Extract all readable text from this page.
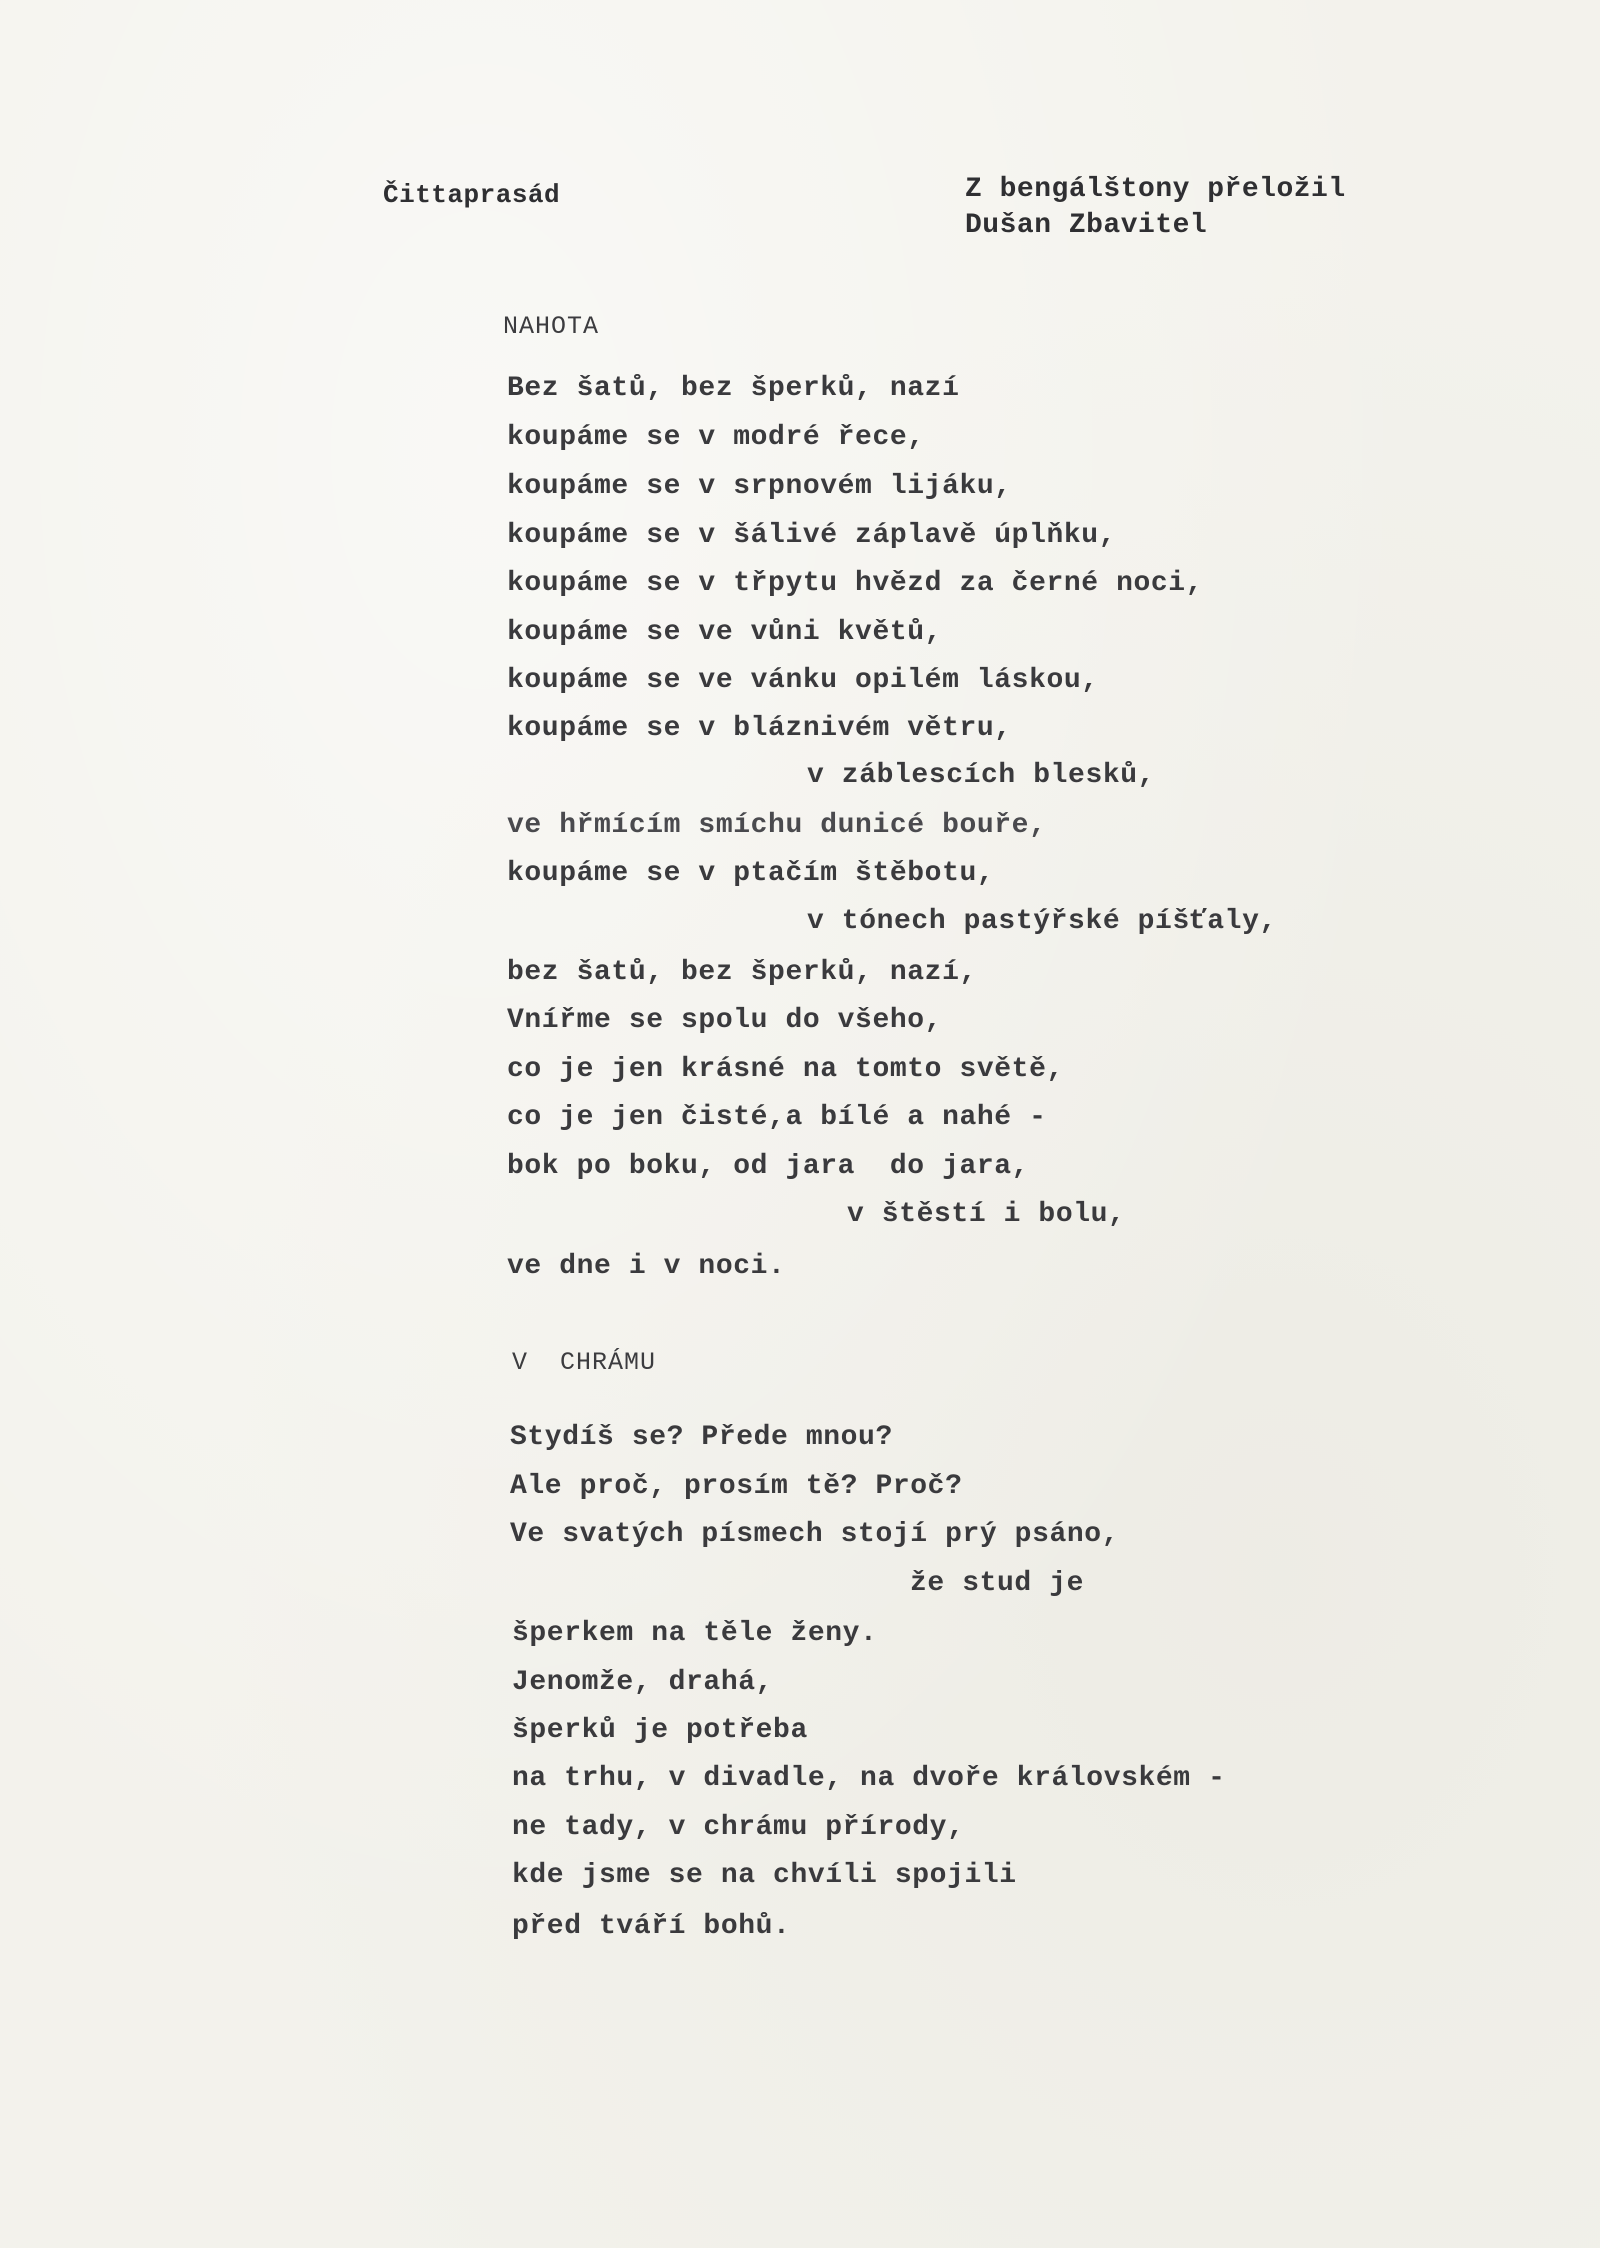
Čittaprasád	Z bengálštony přeložil
Dušan Zbavitel
NAHOTA
Bez šatů, bez šperků, nazí
koupáme se v modré řece,
koupáme se v srpnovém lijáku,
koupáme se v šálivé záplavě úplňku,
koupáme se v třpytu hvězd za černé noci,
koupáme se ve vůni květů,
koupáme se ve vánku opilém láskou,
koupáme se v bláznivém větru,
v záblescích blesků,
ve hřmícím smíchu dunicé bouře,
koupáme se v ptačím štěbotu,
v tónech pastýřské píšťaly,
bez šatů, bez šperků, nazí,
Vnířme se spolu do všeho,
co je jen krásné na tomto světě,
co je jen čisté,a bílé a nahé -
bok po boku, od jara  do jara,
v štěstí i bolu,
ve dne i v noci.
V  CHRÁMU
Stydíš se? Přede mnou?
Ale proč, prosím tě? Proč?
Ve svatých písmech stojí prý psáno,
že stud je
šperkem na těle ženy.
Jenomže, drahá,
šperků je potřeba
na trhu, v divadle, na dvoře královském -
ne tady, v chrámu přírody,
kde jsme se na chvíli spojili
před tváří bohů.
